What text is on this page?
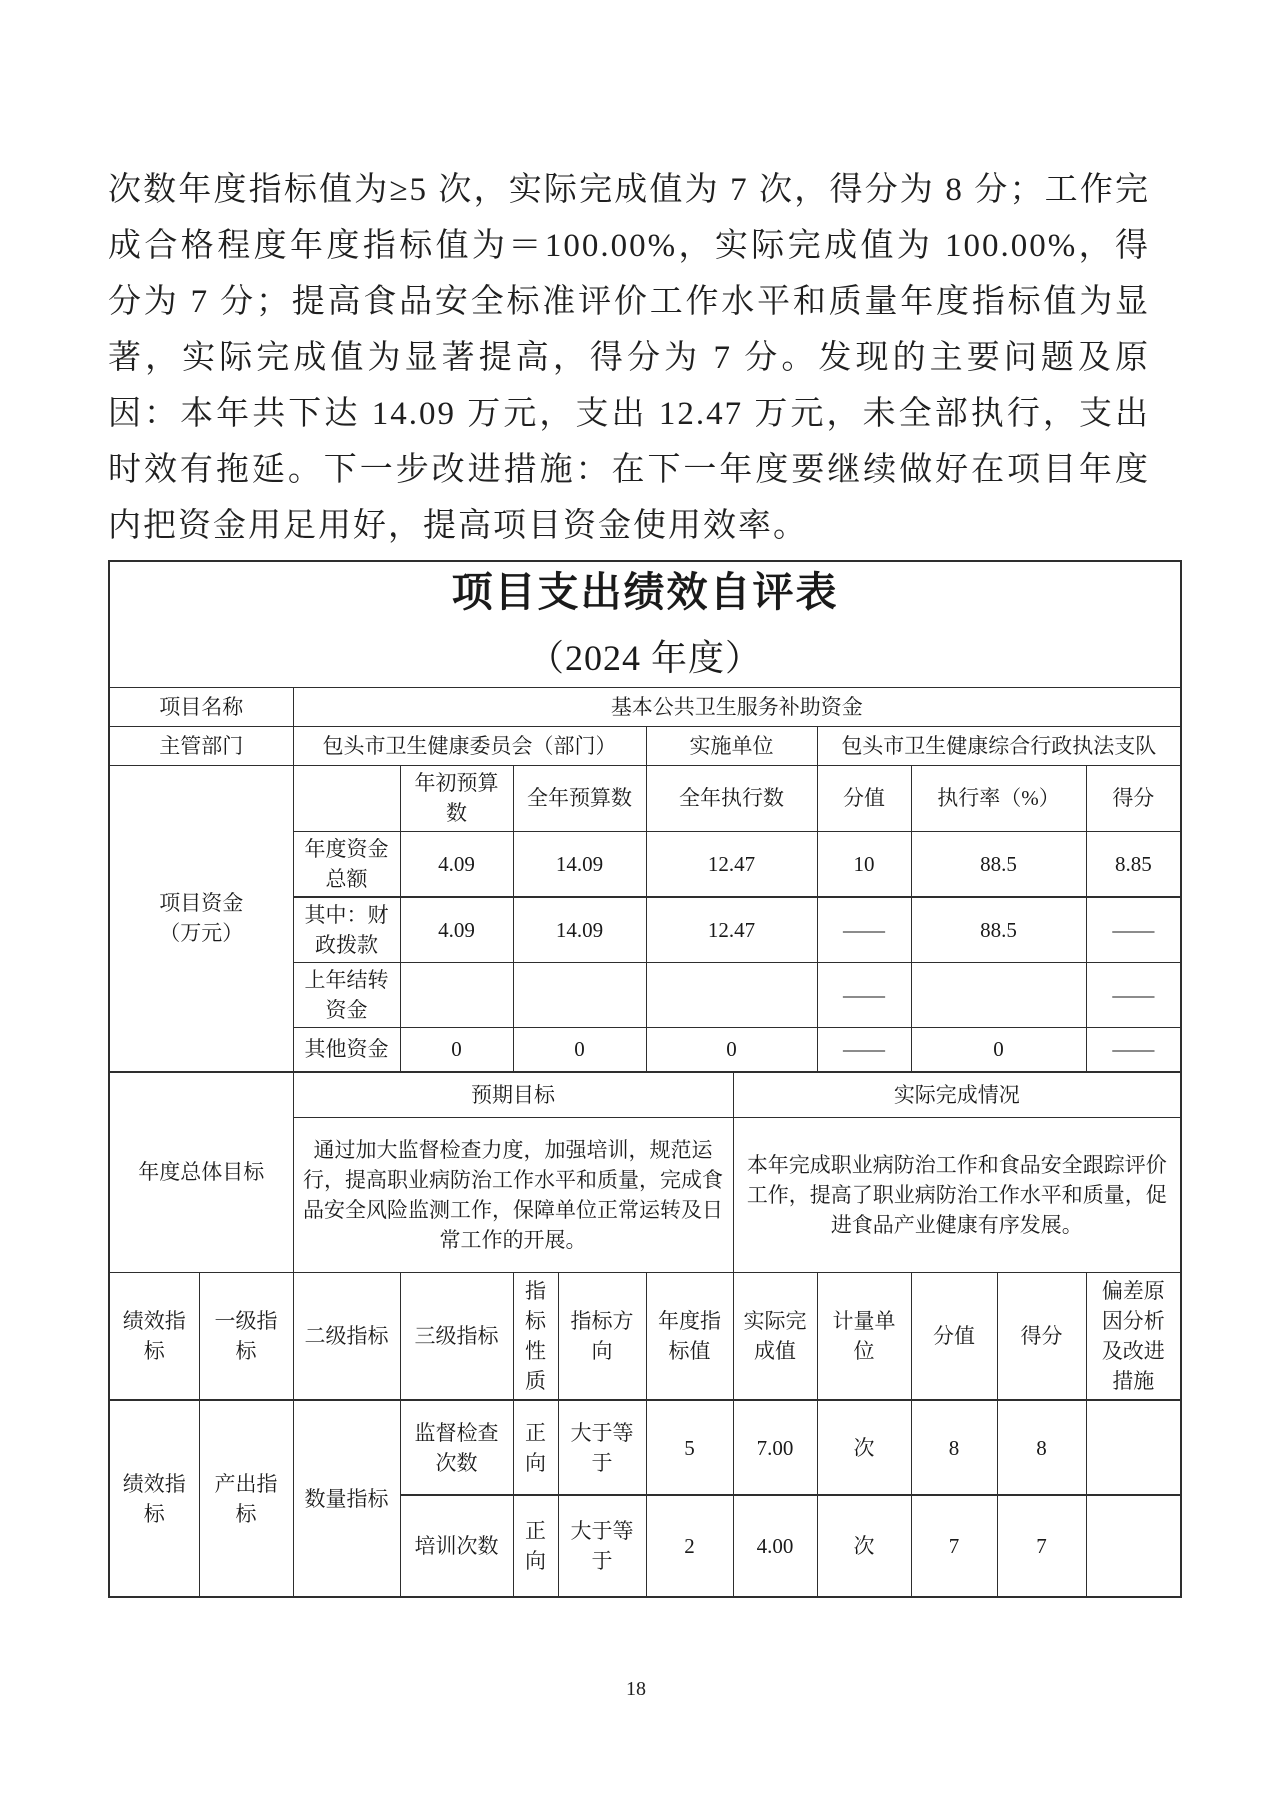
次数年度指标值为≥5 次，实际完成值为 7 次，得分为 8 分；工作完成合格程度年度指标值为＝100.00%，实际完成值为 100.00%，得分为 7 分；提高食品安全标准评价工作水平和质量年度指标值为显著，实际完成值为显著提高，得分为 7 分。发现的主要问题及原因：本年共下达 14.09 万元，支出 12.47 万元，未全部执行，支出时效有拖延。下一步改进措施：在下一年度要继续做好在项目年度内把资金用足用好，提高项目资金使用效率。
项目支出绩效自评表
（2024 年度）											

项目名称		基本公共卫生服务补助资金									
主管部门		包头市卫生健康委员会（部门）				实施单位		包头市卫生健康综合行政执法支队			

项目资金
（万元）			年初预算数	全年预算数		全年执行数		分值	执行率（%）		得分
		年度资金总额	4.09	14.09		12.47		10	88.5		8.85
		其中：财政拨款	4.09	14.09		12.47		——	88.5		——
		上年结转资金						——			——
		其他资金	0	0		0		——	0		——
年度总体目标		预期目标					实际完成情况				
		通过加大监督检查力度，加强培训，规范运行，提高职业病防治工作水平和质量，完成食品安全风险监测工作，保障单位正常运转及日常工作的开展。					本年完成职业病防治工作和食品安全跟踪评价工作，提高了职业病防治工作水平和质量，促进食品产业健康有序发展。				
绩效指标	一级指标	二级指标	三级指标	指标性质	指标方向	年度指标值	实际完成值	计量单位	分值	得分	偏差原因分析及改进措施
绩效指标	产出指标	数量指标	监督检查次数	正向	大于等于	5	7.00	次	8	8	
			培训次数	正向	大于等于	2	4.00	次	7	7	
18
